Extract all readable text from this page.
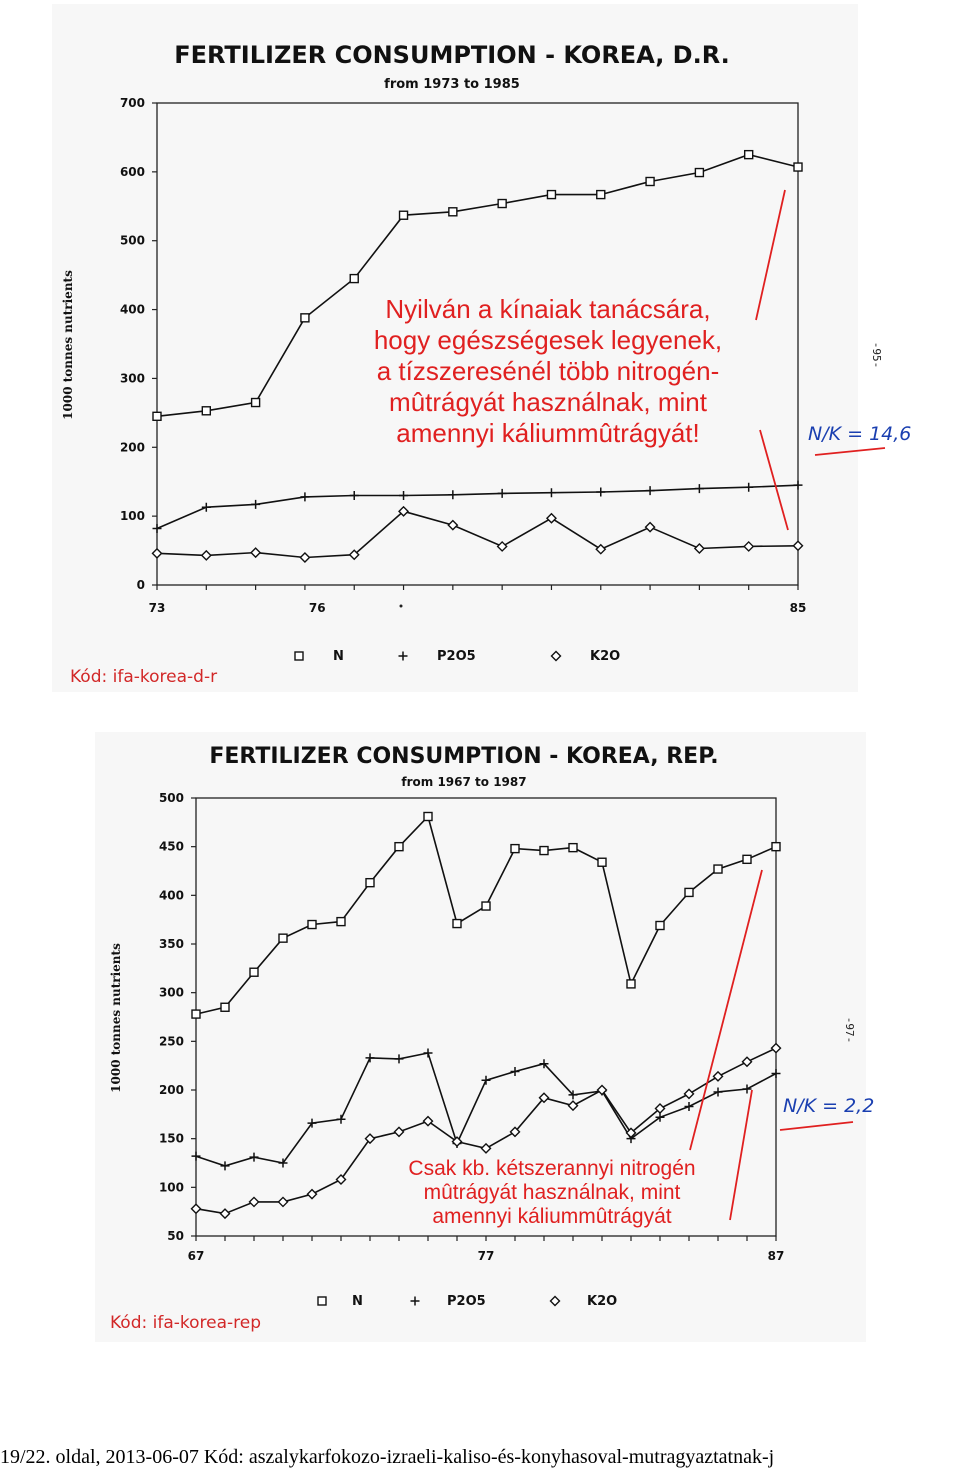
FERTILIZER CONSUMPTION - KOREA, D.R.
from 1973 to 1985
0
100
200
300
400
500
600
700
73	76	85
1000 tonnes nutrients
N	P2O5	K2O
Nyilván a kínaiak tanácsára,
hogy egészségesek legyenek,
a tízszeresénél több nitrogén-
mûtrágyát használnak, mint
amennyi káliummûtrágyát!
Kód: ifa-korea-d-r
N/K = 14,6
-95-
FERTILIZER CONSUMPTION - KOREA, REP.
from 1967 to 1987
50
100
150
200
250
300
350
400
450
500
67	77	87
1000 tonnes nutrients
N	P2O5	K2O
Csak kb. kétszerannyi nitrogén
mûtrágyát használnak, mint
amennyi káliummûtrágyát
Kód: ifa-korea-rep
N/K = 2,2
-97-
19/22. oldal, 2013-06-07 Kód: aszalykarfokozo-izraeli-kaliso-és-konyhasoval-mutragyaztatnak-j
